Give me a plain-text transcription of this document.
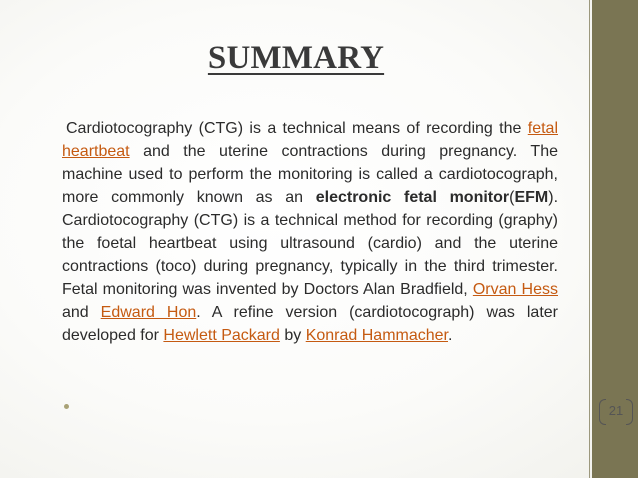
SUMMARY
Cardiotocography (CTG) is a technical means of recording the fetal heartbeat and the uterine contractions during pregnancy. The machine used to perform the monitoring is called a cardiotocograph, more commonly known as an electronic fetal monitor(EFM). Cardiotocography (CTG) is a technical method for recording (graphy) the foetal heartbeat using ultrasound (cardio) and the uterine contractions (toco) during pregnancy, typically in the third trimester. Fetal monitoring was invented by Doctors Alan Bradfield, Orvan Hess and Edward Hon. A refine version (cardiotocograph) was later developed for Hewlett Packard by Konrad Hammacher.
21
